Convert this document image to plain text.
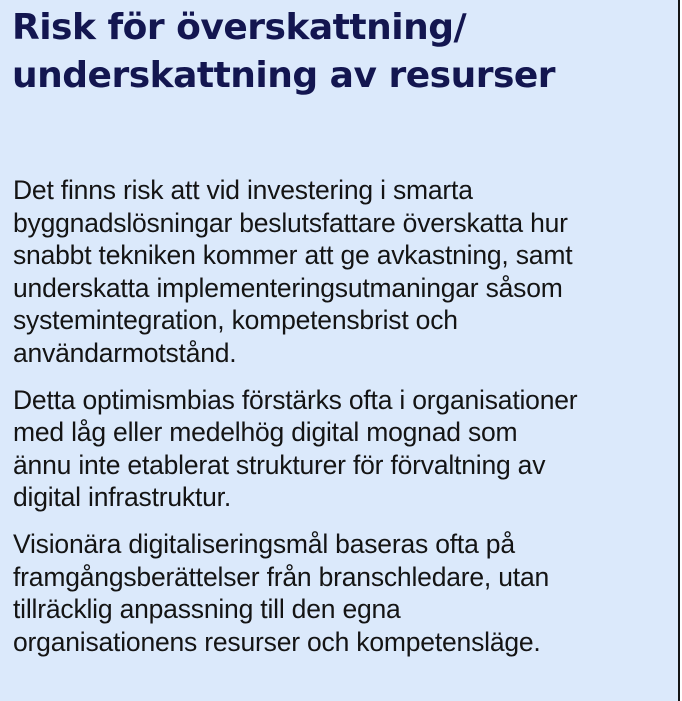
Risk för överskattning/
underskattning av resurser

Det finns risk att vid investering i smarta
byggnadslösningar beslutsfattare överskatta hur
snabbt tekniken kommer att ge avkastning, samt
underskatta implementeringsutmaningar såsom
systemintegration, kompetensbrist och
användarmotstånd.

Detta optimismbias förstärks ofta i organisationer
med låg eller medelhög digital mognad som
ännu inte etablerat strukturer för förvaltning av
digital infrastruktur.

Visionära digitaliseringsmål baseras ofta på
framgångsberättelser från branschledare, utan
tillräcklig anpassning till den egna
organisationens resurser och kompetensläge.
